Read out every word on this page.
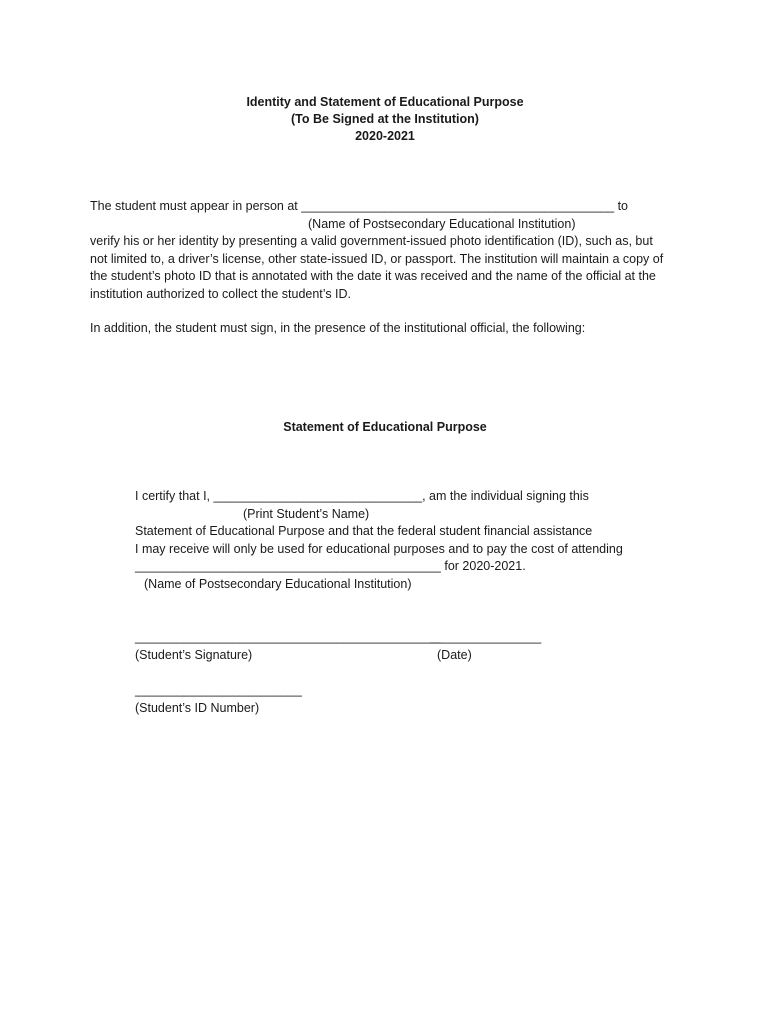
Identity and Statement of Educational Purpose
(To Be Signed at the Institution)
2020-2021
The student must appear in person at _____________________________________________ to
(Name of Postsecondary Educational Institution)
verify his or her identity by presenting a valid government-issued photo identification (ID), such as, but
not limited to, a driver’s license, other state-issued ID, or passport. The institution will maintain a copy of
the student’s photo ID that is annotated with the date it was received and the name of the official at the
institution authorized to collect the student’s ID.
In addition, the student must sign, in the presence of the institutional official, the following:
Statement of Educational Purpose
I certify that I, ______________________________, am the individual signing this
(Print Student’s Name)
Statement of Educational Purpose and that the federal student financial assistance
I may receive will only be used for educational purposes and to pay the cost of attending
____________________________________________ for 2020-2021.
(Name of Postsecondary Educational Institution)
____________________________________________
(Student’s Signature)
________________
(Date)
________________________
(Student’s ID Number)
